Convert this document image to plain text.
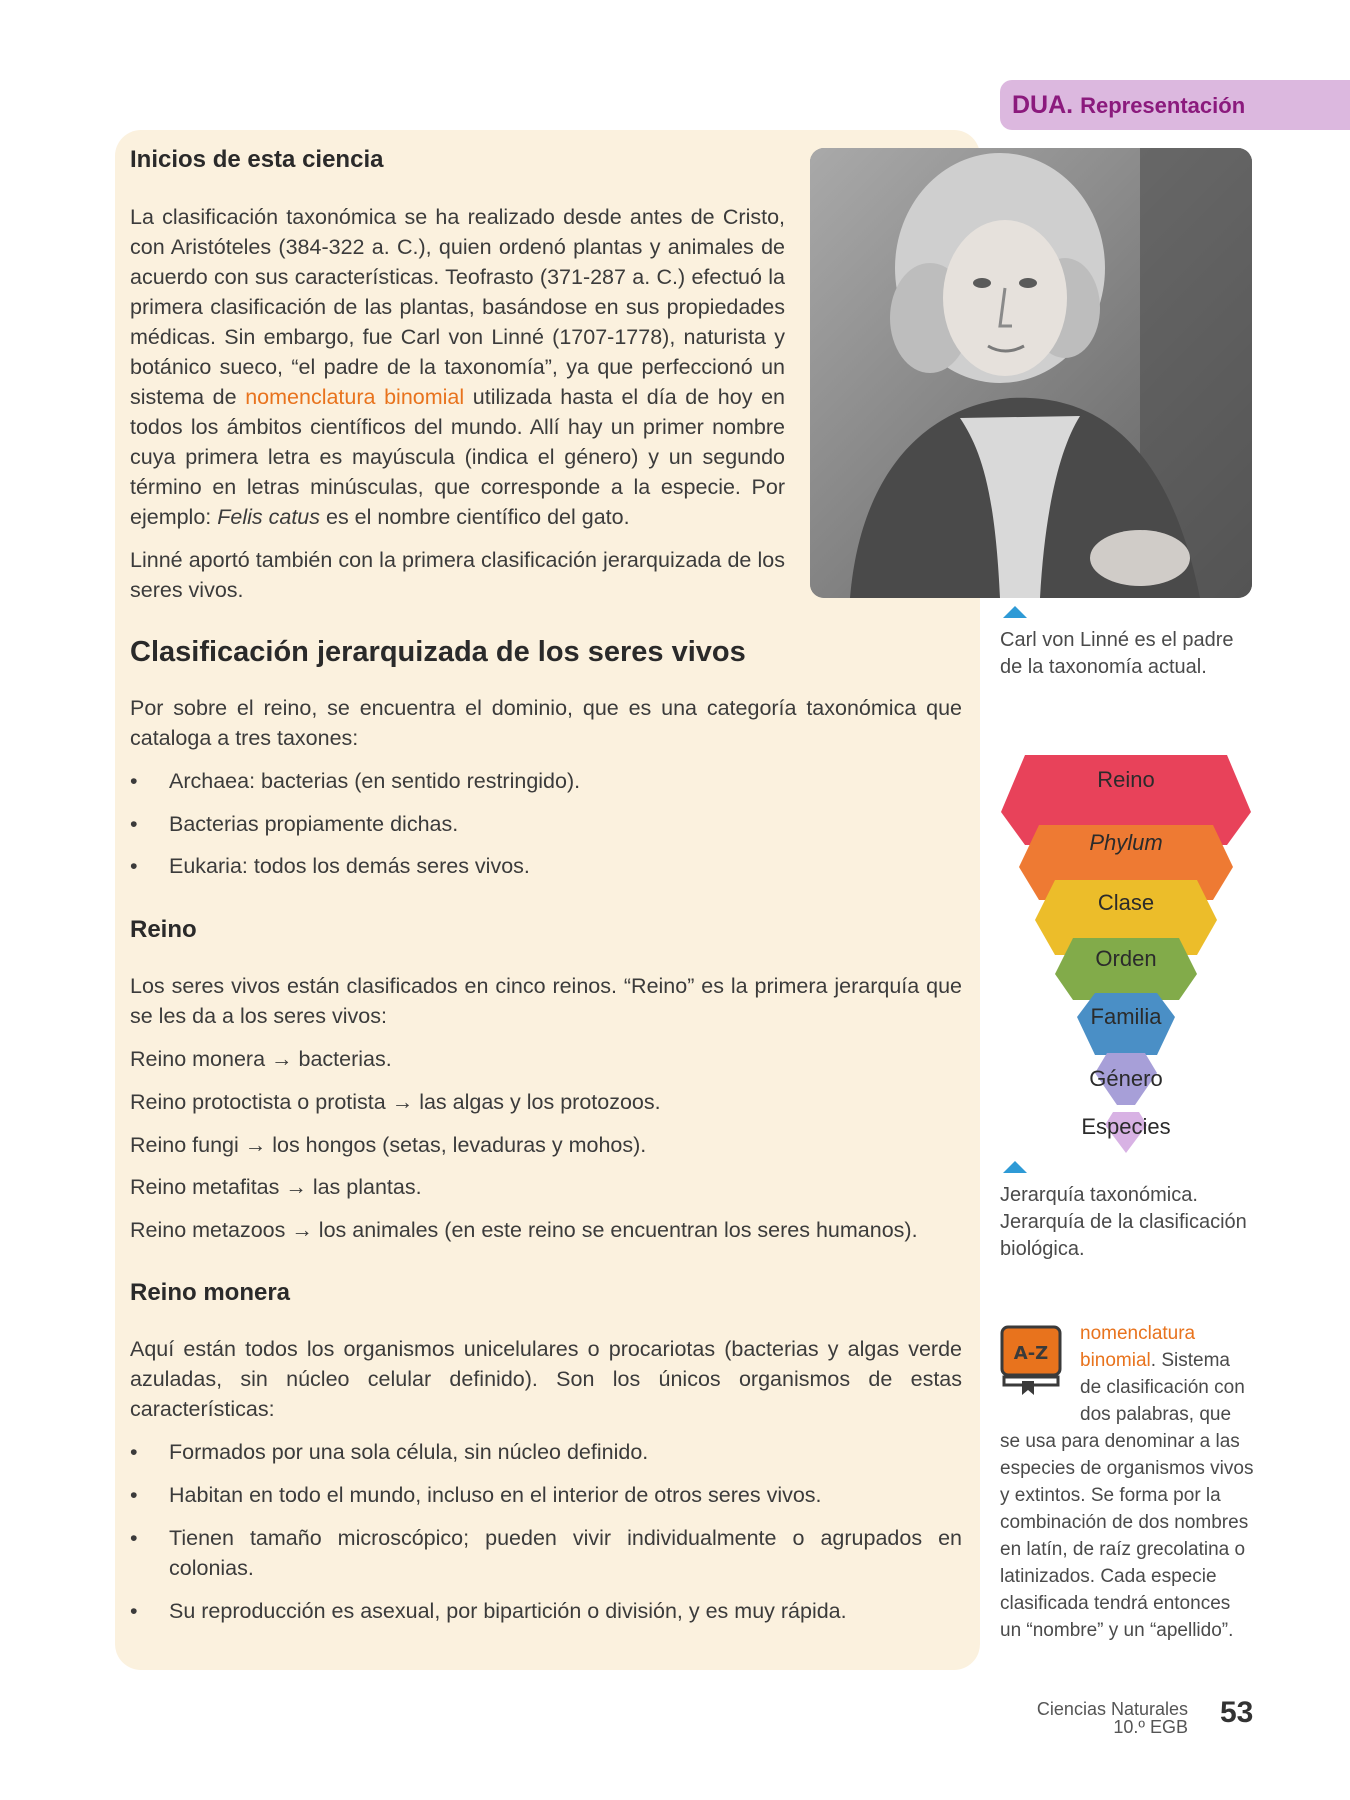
DUA. Representación
Inicios de esta ciencia
La clasificación taxonómica se ha realizado desde antes de Cristo, con Aristóteles (384-322 a. C.), quien ordenó plantas y animales de acuerdo con sus características. Teofrasto (371-287 a. C.) efectuó la primera clasificación de las plantas, basándose en sus propiedades médicas. Sin embargo, fue Carl von Linné (1707-1778), naturista y botánico sueco, “el padre de la taxonomía”, ya que perfeccionó un sistema de nomenclatura binomial utilizada hasta el día de hoy en todos los ámbitos científicos del mundo. Allí hay un primer nombre cuya primera letra es mayúscula (indica el género) y un segundo término en letras minúsculas, que corresponde a la especie. Por ejemplo: Felis catus es el nombre científico del gato.
Linné aportó también con la primera clasificación jerarquizada de los seres vivos.
Carl von Linné es el padre de la taxonomía actual.
Clasificación jerarquizada de los seres vivos
Por sobre el reino, se encuentra el dominio, que es una categoría taxonómica que cataloga a tres taxones:
• Archaea: bacterias (en sentido restringido).
• Bacterias propiamente dichas.
• Eukaria: todos los demás seres vivos.
Reino
Los seres vivos están clasificados en cinco reinos. “Reino” es la primera jerarquía que se les da a los seres vivos:
Reino monera → bacterias.
Reino protoctista o protista → las algas y los protozoos.
Reino fungi → los hongos (setas, levaduras y mohos).
Reino metafitas → las plantas.
Reino metazoos → los animales (en este reino se encuentran los seres humanos).
Reino monera
Aquí están todos los organismos unicelulares o procariotas (bacterias y algas verde azuladas, sin núcleo celular definido). Son los únicos organismos de estas características:
• Formados por una sola célula, sin núcleo definido.
• Habitan en todo el mundo, incluso en el interior de otros seres vivos.
• Tienen tamaño microscópico; pueden vivir individualmente o agrupados en colonias.
• Su reproducción es asexual, por bipartición o división, y es muy rápida.
Reino
Phylum
Clase
Orden
Familia
Género
Especies
Jerarquía taxonómica. Jerarquía de la clasificación biológica.
nomenclatura binomial. Sistema de clasificación con dos palabras, que se usa para denominar a las especies de organismos vivos y extintos. Se forma por la combinación de dos nombres en latín, de raíz grecolatina o latinizados. Cada especie clasificada tendrá entonces un “nombre” y un “apellido”.
A-Z
Ciencias Naturales
10.º EGB 53
